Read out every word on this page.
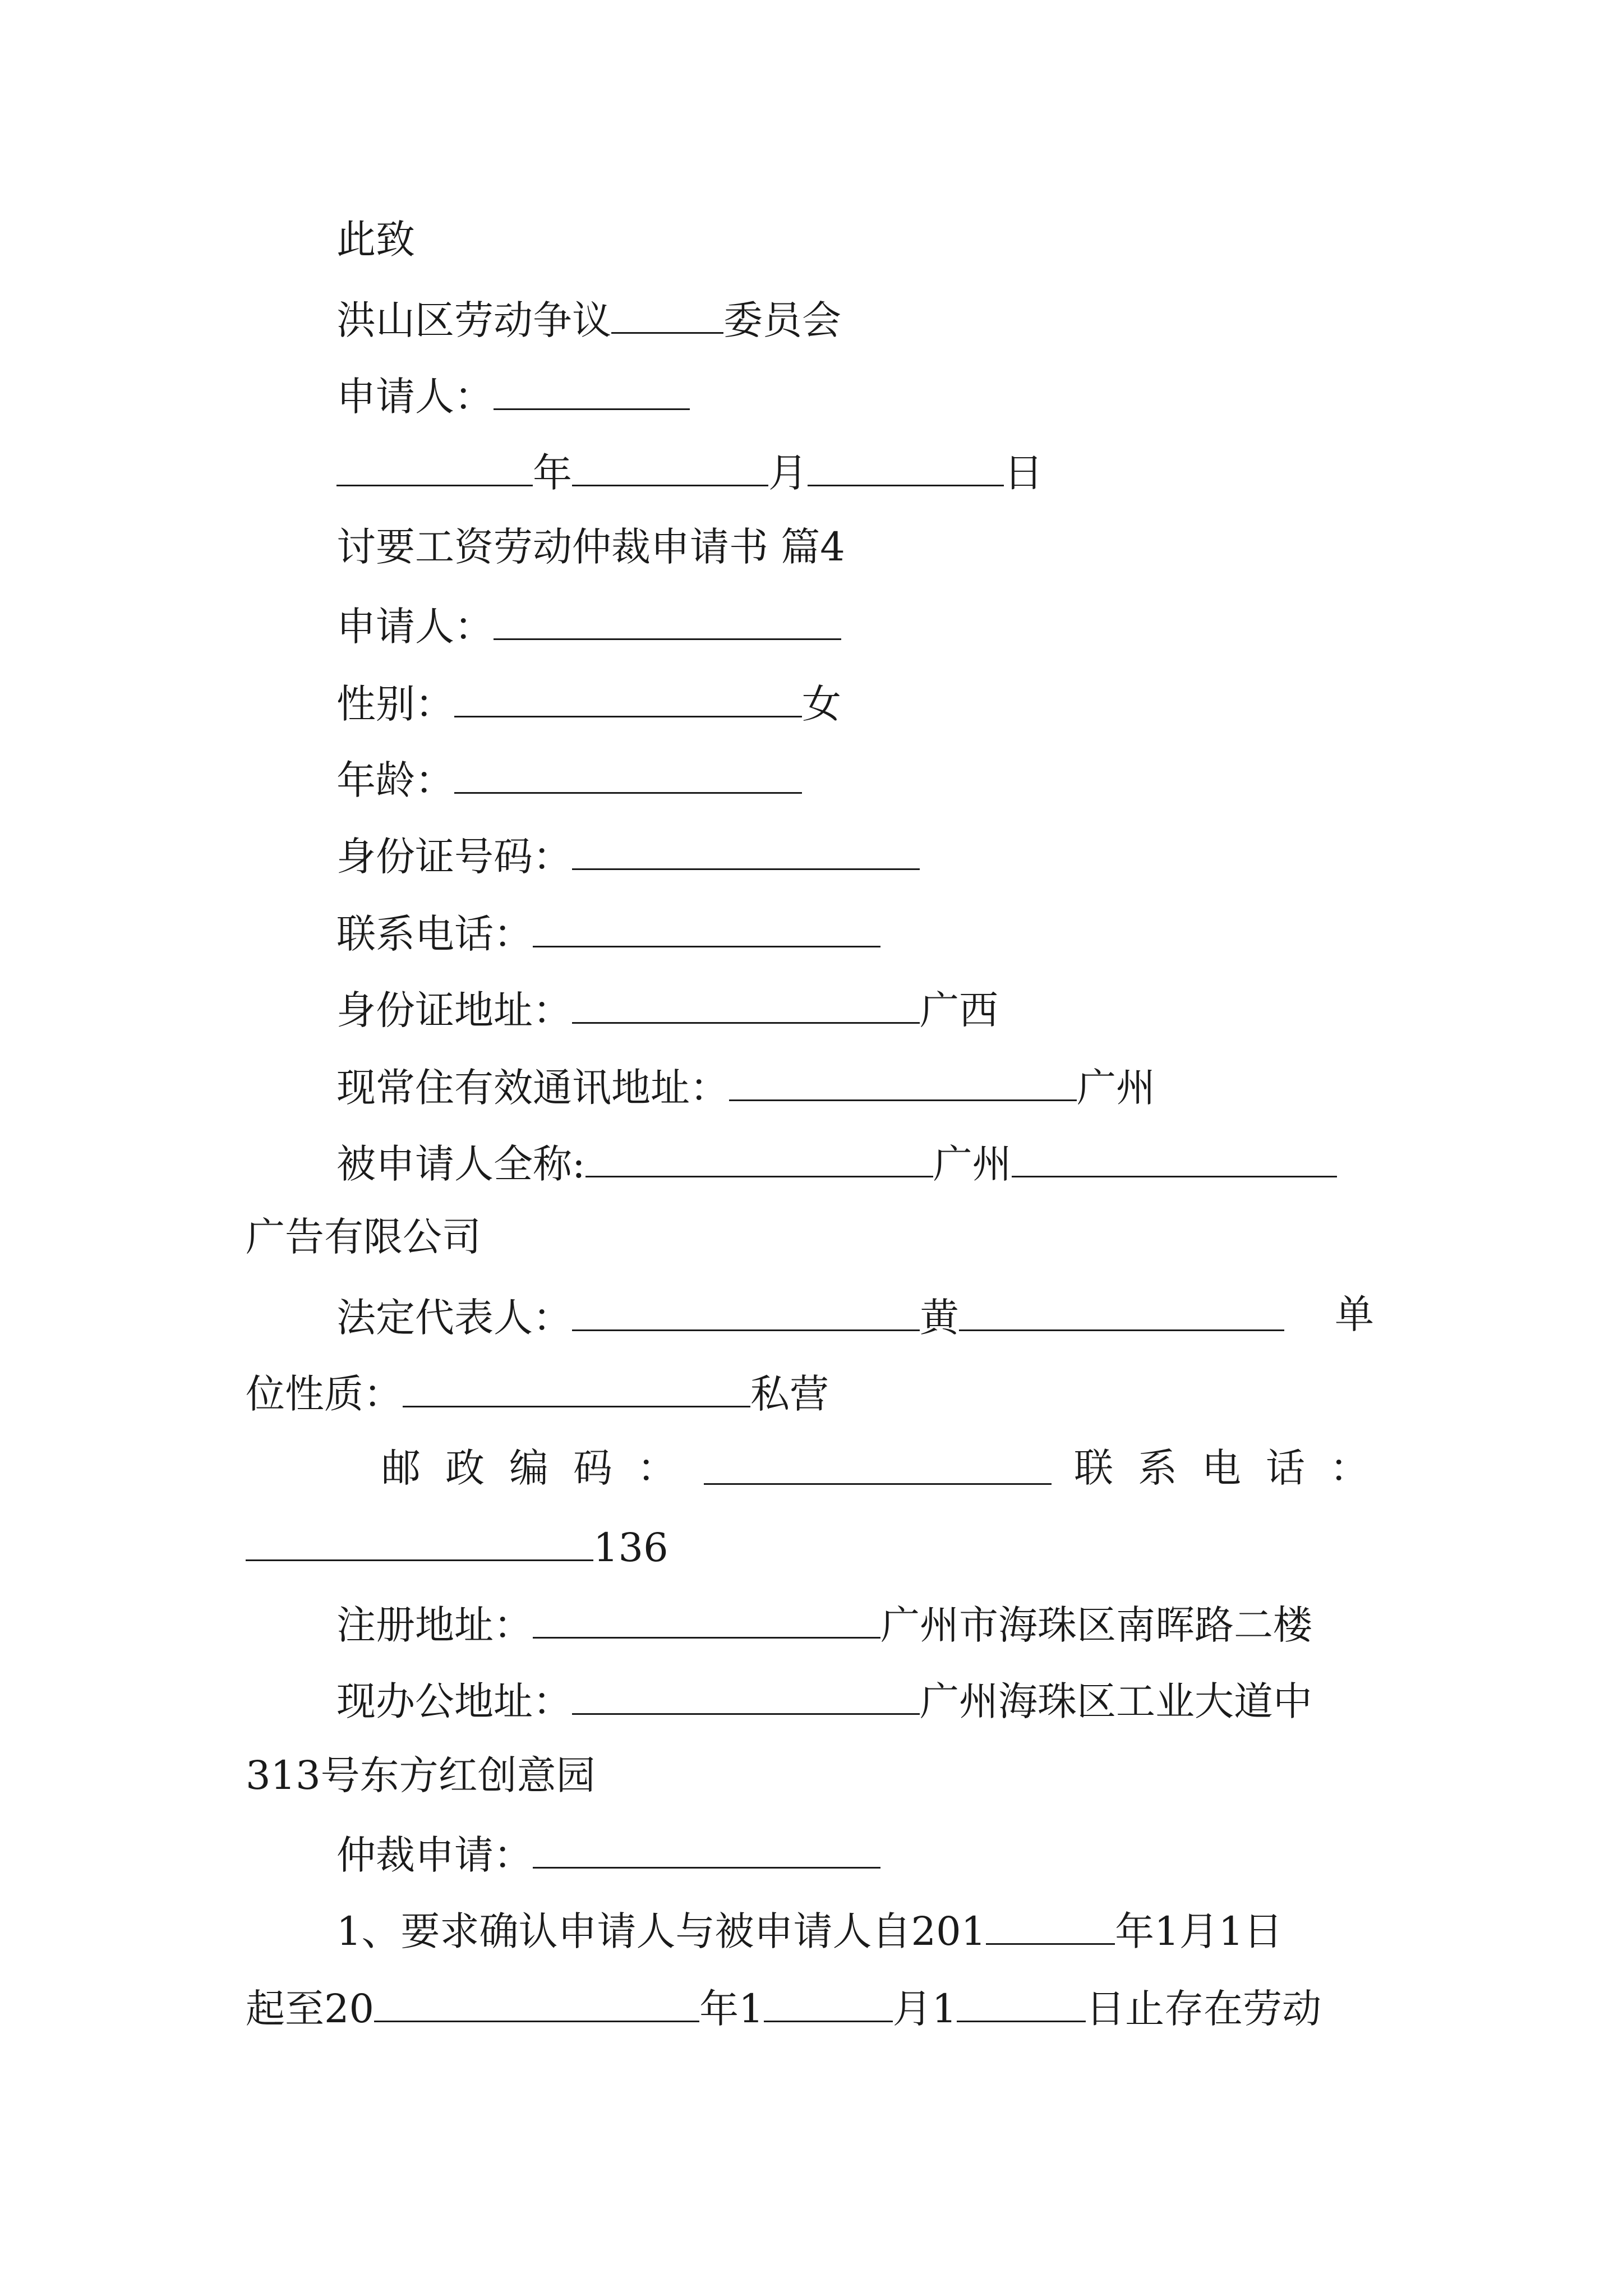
此致
洪山区劳动争议	委员会
申请人：
年	月	日
讨要工资劳动仲裁申请书 篇4
申请人：
性别：	女
年龄：
身份证号码：
联系电话：
身份证地址：	广西
现常住有效通讯地址：	广州
被申请人全称:	广州
广告有限公司
法定代表人：	黄	单
位性质：	私营
邮政编码：	联系电话：
136
注册地址：	广州市海珠区南晖路二楼
现办公地址：	广州海珠区工业大道中
313号东方红创意园
仲裁申请：
1、要求确认申请人与被申请人自201	年1月1日
起至20	年1	月1	日止存在劳动
